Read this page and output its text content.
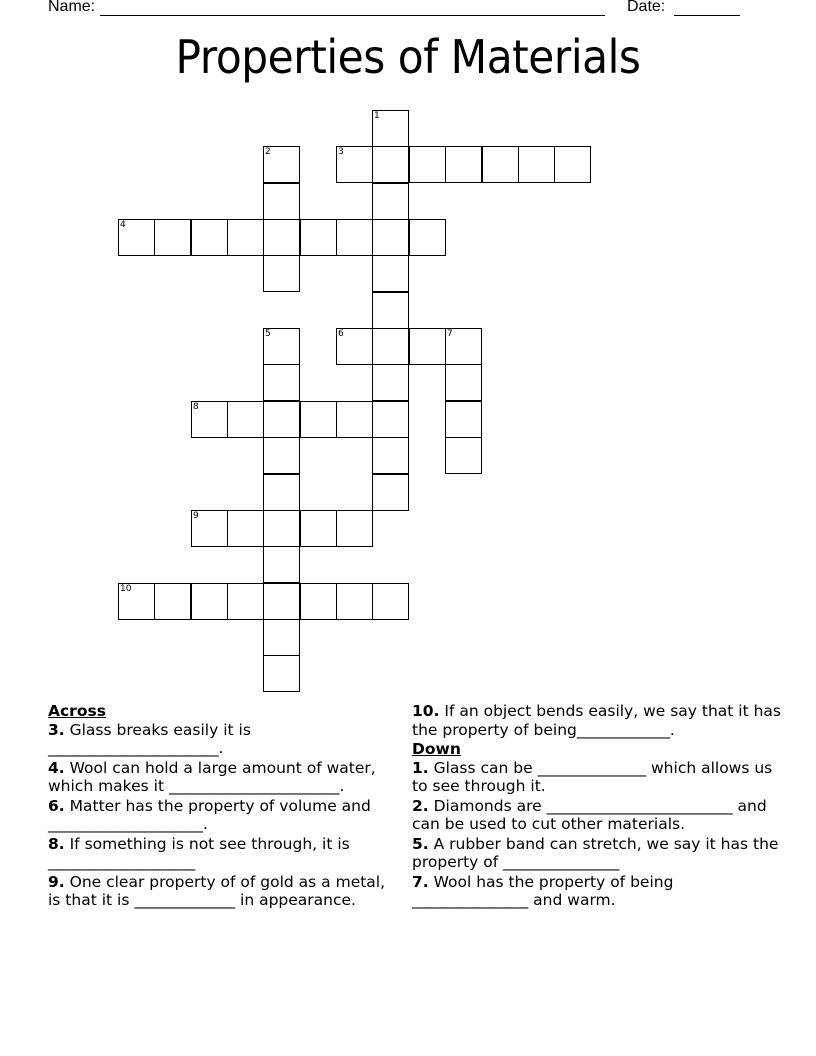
Name:	Date:
Properties of Materials
1
2	3
4
5	6	7
8
9
10
Across
3. Glass breaks easily it is ______________________.
4. Wool can hold a large amount of water, which makes it ______________________.
6. Matter has the property of volume and ____________________.
8. If something is not see through, it is ___________________
9. One clear property of of gold as a metal, is that it is _____________ in appearance.
10. If an object bends easily, we say that it has the property of being____________.
Down
1. Glass can be ______________ which allows us to see through it.
2. Diamonds are ________________________ and can be used to cut other materials.
5. A rubber band can stretch, we say it has the property of _______________
7. Wool has the property of being _______________ and warm.
